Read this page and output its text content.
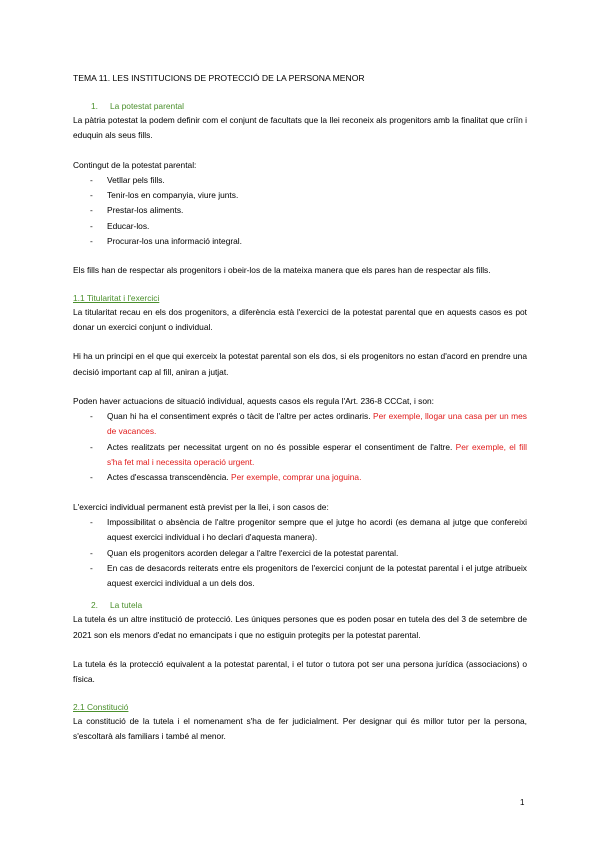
TEMA 11. LES INSTITUCIONS DE PROTECCIÓ DE LA PERSONA MENOR
1. La potestat parental

La pàtria potestat la podem definir com el conjunt de facultats que la llei reconeix als progenitors amb la finalitat que críïn i eduquin als seus fills.

Contingut de la potestat parental:

- Vetllar pels fills.
- Tenir-los en companyia, viure junts.
- Prestar-los aliments.
- Educar-los.
- Procurar-los una informació integral.

Els fills han de respectar als progenitors i obeir-los de la mateixa manera que els pares han de respectar als fills.

1.1 Titularitat i l'exercici

La titularitat recau en els dos progenitors, a diferència està l'exercici de la potestat parental que en aquests casos es pot donar un exercici conjunt o individual.

Hi ha un principi en el que qui exerceix la potestat parental son els dos, si els progenitors no estan d'acord en prendre una decisió important cap al fill, aniran a jutjat.

Poden haver actuacions de situació individual, aquests casos els regula l'Art. 236-8 CCCat, i son:

- Quan hi ha el consentiment exprés o tàcit de l'altre per actes ordinaris. Per exemple, llogar una casa per un mes de vacances.
- Actes realitzats per necessitat urgent on no és possible esperar el consentiment de l'altre. Per exemple, el fill s'ha fet mal i necessita operació urgent.
- Actes d'escassa transcendència. Per exemple, comprar una joguina.

L'exercici individual permanent està previst per la llei, i son casos de:

- Impossibilitat o absència de l'altre progenitor sempre que el jutge ho acordi (es demana al jutge que confereixi aquest exercici individual i ho declari d'aquesta manera).
- Quan els progenitors acorden delegar a l'altre l'exercici de la potestat parental.
- En cas de desacords reiterats entre els progenitors de l'exercici conjunt de la potestat parental i el jutge atribueix aquest exercici individual a un dels dos.
2. La tutela

La tutela és un altre institució de protecció. Les úniques persones que es poden posar en tutela des del 3 de setembre de 2021 son els menors d'edat no emancipats i que no estiguin protegits per la potestat parental.

La tutela és la protecció equivalent a la potestat parental, i el tutor o tutora pot ser una persona jurídica (associacions) o física.

2.1 Constitució

La constitució de la tutela i el nomenament s'ha de fer judicialment. Per designar qui és millor tutor per la persona, s'escoltarà als familiars i també al menor.

1
